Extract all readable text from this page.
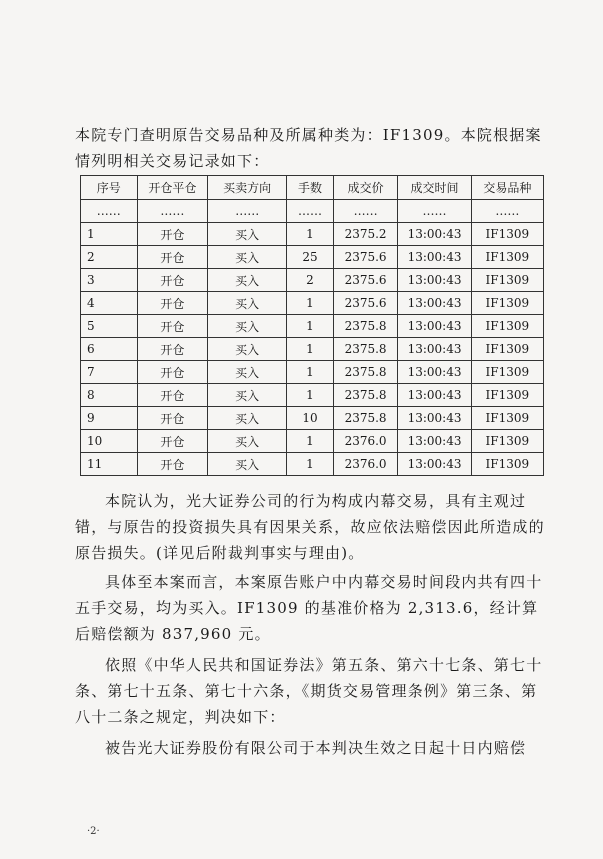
本院专门查明原告交易品种及所属种类为：IF1309。本院根据案情列明相关交易记录如下：

序号	开仓平仓	买卖方向	手数	成交价	成交时间	交易品种
……	……	……	……	……	……	……
1	开仓	买入	1	2375.2	13:00:43	IF1309
2	开仓	买入	25	2375.6	13:00:43	IF1309
3	开仓	买入	2	2375.6	13:00:43	IF1309
4	开仓	买入	1	2375.6	13:00:43	IF1309
5	开仓	买入	1	2375.8	13:00:43	IF1309
6	开仓	买入	1	2375.8	13:00:43	IF1309
7	开仓	买入	1	2375.8	13:00:43	IF1309
8	开仓	买入	1	2375.8	13:00:43	IF1309
9	开仓	买入	10	2375.8	13:00:43	IF1309
10	开仓	买入	1	2376.0	13:00:43	IF1309
11	开仓	买入	1	2376.0	13:00:43	IF1309

本院认为，光大证券公司的行为构成内幕交易，具有主观过错，与原告的投资损失具有因果关系，故应依法赔偿因此所造成的原告损失。(详见后附裁判事实与理由)。

具体至本案而言，本案原告账户中内幕交易时间段内共有四十五手交易，均为买入。IF1309 的基准价格为 2,313.6，经计算后赔偿额为 837,960 元。

依照《中华人民共和国证券法》第五条、第六十七条、第七十条、第七十五条、第七十六条，《期货交易管理条例》第三条、第八十二条之规定，判决如下：

被告光大证券股份有限公司于本判决生效之日起十日内赔偿

·2·
